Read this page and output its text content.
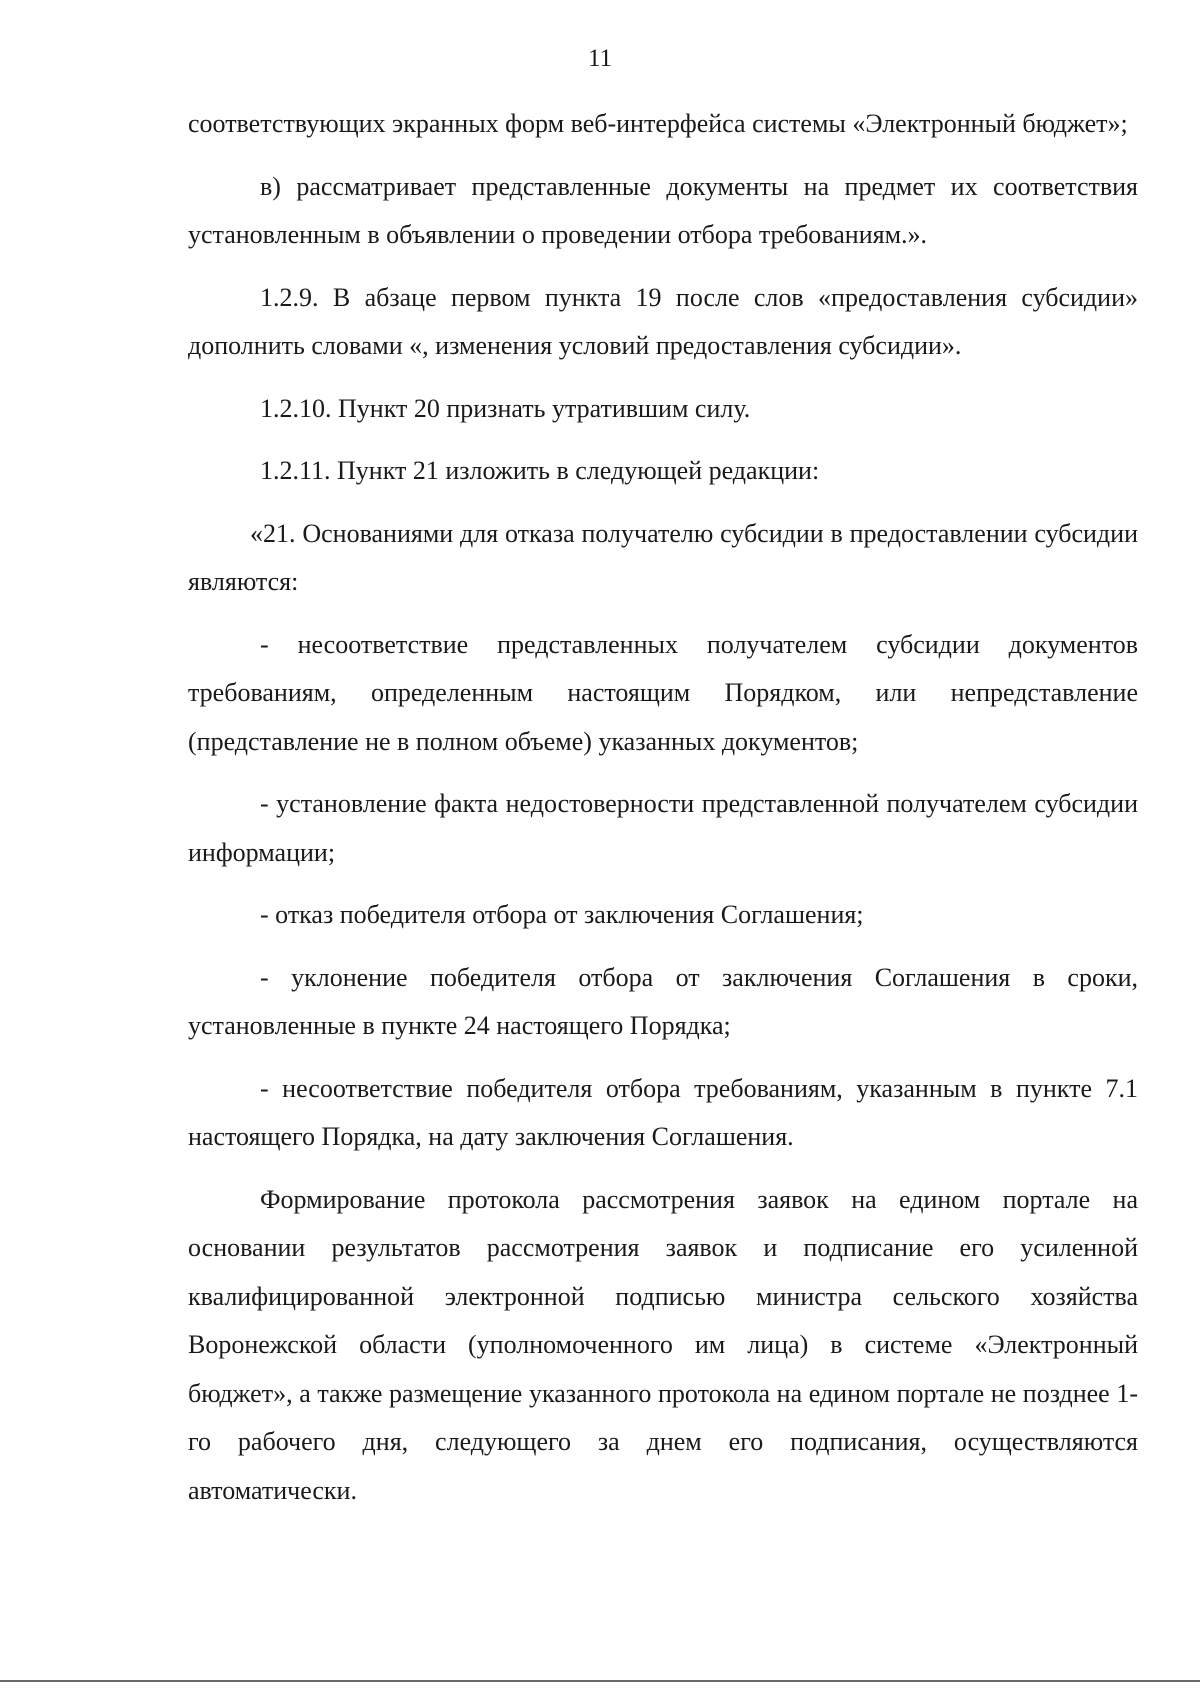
11

соответствующих экранных форм веб-интерфейса системы «Электронный бюджет»;

в) рассматривает представленные документы на предмет их соответствия установленным в объявлении о проведении отбора требованиям.».

1.2.9. В абзаце первом пункта 19 после слов «предоставления субсидии» дополнить словами «, изменения условий предоставления субсидии».

1.2.10. Пункт 20 признать утратившим силу.

1.2.11. Пункт 21 изложить в следующей редакции:

«21. Основаниями для отказа получателю субсидии в предоставлении субсидии являются:

- несоответствие представленных получателем субсидии документов требованиям, определенным настоящим Порядком, или непредставление (представление не в полном объеме) указанных документов;

- установление факта недостоверности представленной получателем субсидии информации;

- отказ победителя отбора от заключения Соглашения;

- уклонение победителя отбора от заключения Соглашения в сроки, установленные в пункте 24 настоящего Порядка;

- несоответствие победителя отбора требованиям, указанным в пункте 7.1 настоящего Порядка, на дату заключения Соглашения.

Формирование протокола рассмотрения заявок на едином портале на основании результатов рассмотрения заявок и подписание его усиленной квалифицированной электронной подписью министра сельского хозяйства Воронежской области (уполномоченного им лица) в системе «Электронный бюджет», а также размещение указанного протокола на едином портале не позднее 1-го рабочего дня, следующего за днем его подписания, осуществляются автоматически.
